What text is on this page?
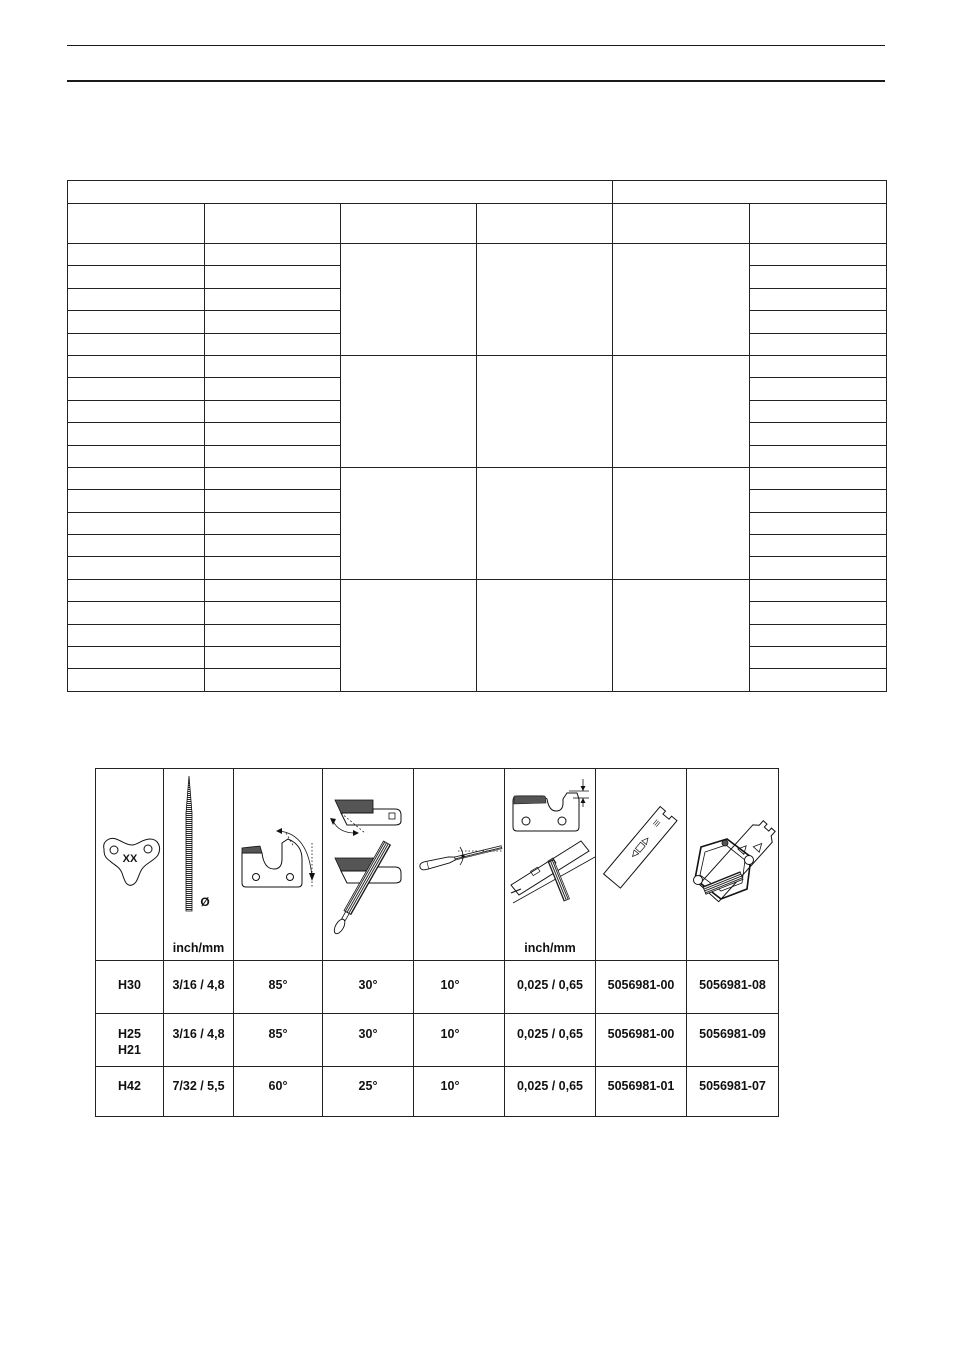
XX	Ø
inch/mm				inch/mm

H30	3/16 / 4,8	85°	30°	10°	0,025 / 0,65	5056981-00	5056981-08

H25
H21	3/16 / 4,8	85°	30°	10°	0,025 / 0,65	5056981-00	5056981-09

H42	7/32 / 5,5	60°	25°	10°	0,025 / 0,65	5056981-01	5056981-07
